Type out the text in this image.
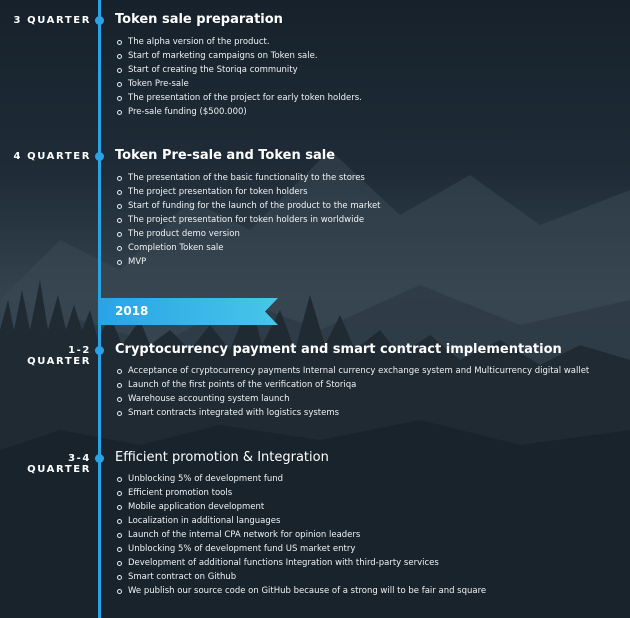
3 QUARTER Token sale preparation
The alpha version of the product.
Start of marketing campaigns on Token sale.
Start of creating the Storiqa community
Token Pre-sale
The presentation of the project for early token holders.
Pre-sale funding ($500.000)
4 QUARTER Token Pre-sale and Token sale
The presentation of the basic functionality to the stores
The project presentation for token holders
Start of funding for the launch of the product to the market
The project presentation for token holders in worldwide
The product demo version
Completion Token sale
MVP
2018
1-2 QUARTER
Cryptocurrency payment and smart contract implementation
Acceptance of cryptocurrency payments Internal currency exchange system and Multicurrency digital wallet
Launch of the first points of the verification of Storiqa
Warehouse accounting system launch
Smart contracts integrated with logistics systems
3-4 QUARTER
Efficient promotion & Integration
Unblocking 5% of development fund
Efficient promotion tools
Mobile application development
Localization in additional languages
Launch of the internal CPA network for opinion leaders
Unblocking 5% of development fund US market entry
Development of additional functions Integration with third-party services
Smart contract on Github
We publish our source code on GitHub because of a strong will to be fair and square
